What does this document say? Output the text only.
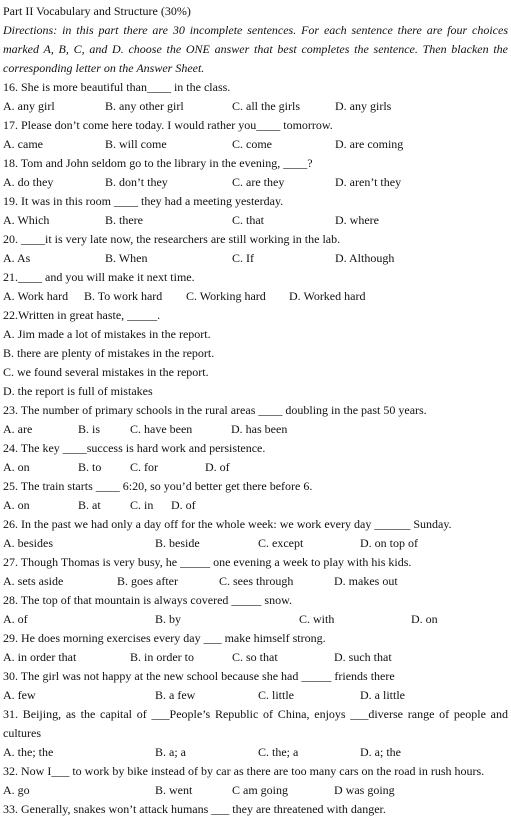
Part II Vocabulary and Structure (30%)
Directions: in this part there are 30 incomplete sentences. For each sentence there are four choices marked A, B, C, and D. choose the ONE answer that best completes the sentence. Then blacken the corresponding letter on the Answer Sheet.
16. She is more beautiful than____ in the class.
A. any girl	B. any other girl	C. all the girls	D. any girls
17. Please don’t come here today. I would rather you____ tomorrow.
A. came	B. will come	C. come	D. are coming
18. Tom and John seldom go to the library in the evening, ____?
A. do they	B. don’t they	C. are they	D. aren’t they
19. It was in this room ____ they had a meeting yesterday.
A. Which	B. there	C. that	D. where
20. ____it is very late now, the researchers are still working in the lab.
A. As	B. When	C. If	D. Although
21.____ and you will make it next time.
A. Work hard B. To work hard C. Working hard D. Worked hard
22.Written in great haste, _____.
A. Jim made a lot of mistakes in the report.
B. there are plenty of mistakes in the report.
C. we found several mistakes in the report.
D. the report is full of mistakes
23. The number of primary schools in the rural areas ____ doubling in the past 50 years.
A. are	B. is C. have been	D. has been
24. The key ____success is hard work and persistence.
A. on	B. to C. for	D. of
25. The train starts ____ 6:20, so you’d better get there before 6.
A. on	B. at C. in D. of
26. In the past we had only a day off for the whole week: we work every day ______ Sunday.
A. besides	B. beside	C. except	D. on top of
27. Though Thomas is very busy, he _____ one evening a week to play with his kids.
A. sets aside	B. goes after	C. sees through	D. makes out
28. The top of that mountain is always covered _____ snow.
A. of	B. by	C. with	D. on
29. He does morning exercises every day ___ make himself strong.
A. in order that	B. in order to	C. so that	D. such that
30. The girl was not happy at the new school because she had _____ friends there
A. few	B. a few	C. little	D. a little
31. Beijing, as the capital of ___People’s Republic of China, enjoys ___diverse range of people and cultures
A. the; the	B. a; a	C. the; a	D. a; the
32. Now I___ to work by bike instead of by car as there are too many cars on the road in rush hours.
A. go	B. went	C am going	D was going
33. Generally, snakes won’t attack humans ___ they are threatened with danger.
